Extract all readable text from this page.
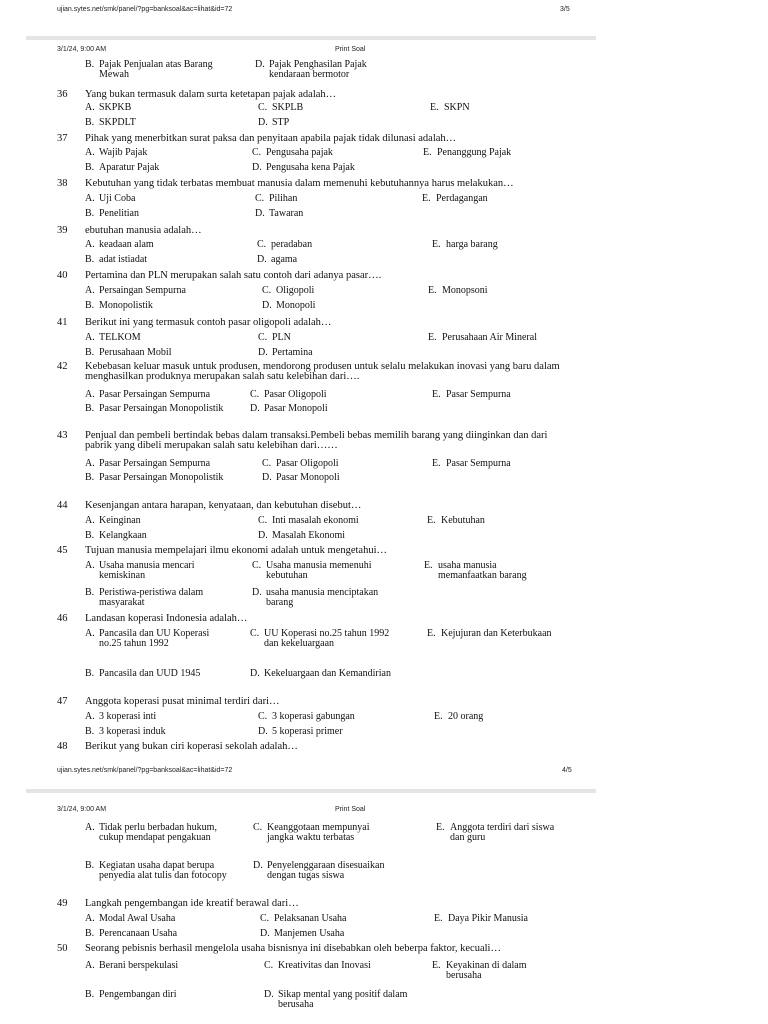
ujian.sytes.net/smk/panel/?pg=banksoal&ac=lihat&id=72	3/5
3/1/24, 9:00 AM	Print Soal
B. Pajak Penjualan atas Barang Mewah
D. Pajak Penghasilan Pajak kendaraan bermotor
36 Yang bukan termasuk dalam surta ketetapan pajak adalah…
A. SKPKB
B. SKPDLT
C. SKPLB
D. STP
E. SKPN
37 Pihak yang menerbitkan surat paksa dan penyitaan apabila pajak tidak dilunasi adalah…
A. Wajib Pajak
B. Aparatur Pajak
C. Pengusaha pajak
D. Pengusaha kena Pajak
E. Penanggung Pajak
38 Kebutuhan yang tidak terbatas membuat manusia dalam memenuhi kebutuhannya harus melakukan…
A. Uji Coba
B. Penelitian
C. Pilihan
D. Tawaran
E. Perdagangan
39 ebutuhan manusia adalah…
A. keadaan alam
B. adat istiadat
C. peradaban
D. agama
E. harga barang
40 Pertamina dan PLN merupakan salah satu contoh dari adanya pasar….
A. Persaingan Sempurna
B. Monopolistik
C. Oligopoli
D. Monopoli
E. Monopsoni
41 Berikut ini yang termasuk contoh pasar oligopoli adalah…
A. TELKOM
B. Perusahaan Mobil
C. PLN
D. Pertamina
E. Perusahaan Air Mineral
42 Kebebasan keluar masuk untuk produsen, mendorong produsen untuk selalu melakukan inovasi yang baru dalam menghasilkan produknya merupakan salah satu kelebihan dari….
A. Pasar Persaingan Sempurna
B. Pasar Persaingan Monopolistik
C. Pasar Oligopoli
D. Pasar Monopoli
E. Pasar Sempurna
43 Penjual dan pembeli bertindak bebas dalam transaksi.Pembeli bebas memilih barang yang diinginkan dan dari pabrik yang dibeli merupakan salah satu kelebihan dari……
A. Pasar Persaingan Sempurna
B. Pasar Persaingan Monopolistik
C. Pasar Oligopoli
D. Pasar Monopoli
E. Pasar Sempurna
44 Kesenjangan antara harapan, kenyataan, dan kebutuhan disebut…
A. Keinginan
B. Kelangkaan
C. Inti masalah ekonomi
D. Masalah Ekonomi
E. Kebutuhan
45 Tujuan manusia mempelajari ilmu ekonomi adalah untuk mengetahui…
A. Usaha manusia mencari kemiskinan
B. Peristiwa-peristiwa dalam masyarakat
C. Usaha manusia memenuhi kebutuhan
D. usaha manusia menciptakan barang
E. usaha manusia memanfaatkan barang
46 Landasan koperasi Indonesia adalah…
A. Pancasila dan UU Koperasi no.25 tahun 1992
B. Pancasila dan UUD 1945
C. UU Koperasi no.25 tahun 1992 dan kekeluargaan
D. Kekeluargaan dan Kemandirian
E. Kejujuran dan Keterbukaan
47 Anggota koperasi pusat minimal terdiri dari…
A. 3 koperasi inti
B. 3 koperasi induk
C. 3 koperasi gabungan
D. 5 koperasi primer
E. 20 orang
48 Berikut yang bukan ciri koperasi sekolah adalah…
A. Tidak perlu berbadan hukum, cukup mendapat pengakuan
B. Kegiatan usaha dapat berupa penyedia alat tulis dan fotocopy
C. Keanggotaan mempunyai jangka waktu terbatas
D. Penyelenggaraan disesuaikan dengan tugas siswa
E. Anggota terdiri dari siswa dan guru
49 Langkah pengembangan ide kreatif berawal dari…
A. Modal Awal Usaha
B. Perencanaan Usaha
C. Pelaksanan Usaha
D. Manjemen Usaha
E. Daya Pikir Manusia
50 Seorang pebisnis berhasil mengelola usaha bisnisnya ini disebabkan oleh beberpa faktor, kecuali…
A. Berani berspekulasi
B. Pengembangan diri
C. Kreativitas dan Inovasi
D. Sikap mental yang positif dalam berusaha
E. Keyakinan di dalam berusaha
ujian.sytes.net/smk/panel/?pg=banksoal&ac=lihat&id=72	4/5
3/1/24, 9:00 AM	Print Soal
